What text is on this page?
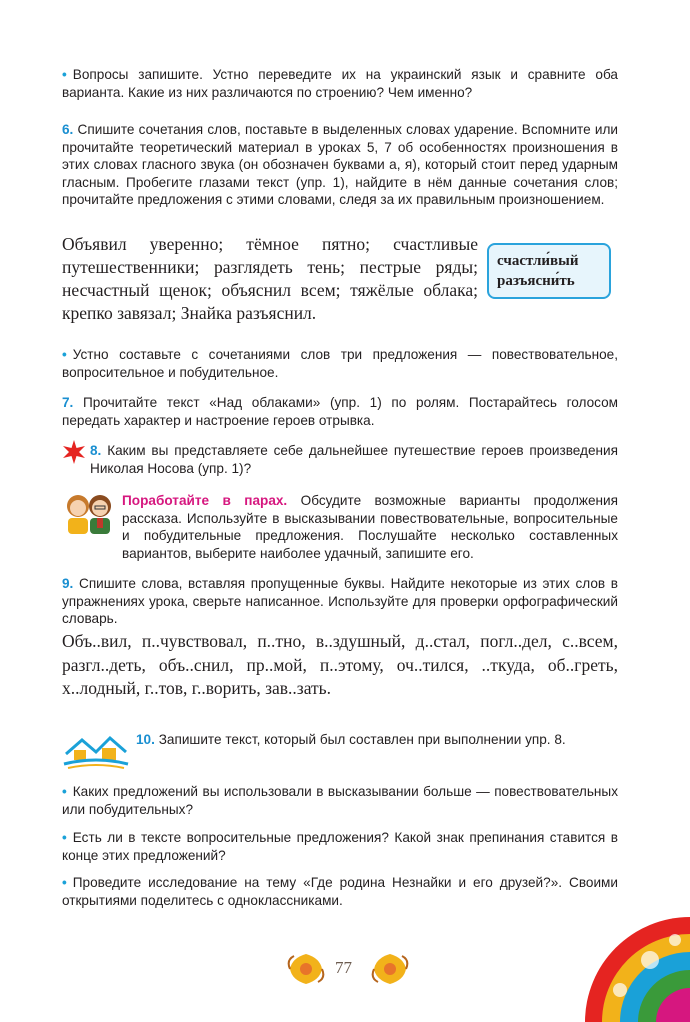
• Вопросы запишите. Устно переведите их на украинский язык и сравните оба варианта. Какие из них различаются по строению? Чем именно?
6. Спишите сочетания слов, поставьте в выделенных словах ударение. Вспомните или прочитайте теоретический материал в уроках 5, 7 об особенностях произношения в этих словах гласного звука (он обозначен буквами а, я), который стоит перед ударным гласным. Пробегите глазами текст (упр. 1), найдите в нём данные сочетания слов; прочитайте предложения с этими словами, следя за их правильным произношением.
Объявил уверенно; тёмное пятно; счастливые путешественники; разглядеть тень; пестрые ряды; несчастный щенок; объяснил всем; тяжёлые облака; крепко завязал; Знайка разъяснил.
счастли́вый
разъясни́ть
• Устно составьте с сочетаниями слов три предложения — повествовательное, вопросительное и побудительное.
7. Прочитайте текст «Над облаками» (упр. 1) по ролям. Постарайтесь голосом передать характер и настроение героев отрывка.
8. Каким вы представляете себе дальнейшее путешествие героев произведения Николая Носова (упр. 1)?
Поработайте в парах. Обсудите возможные варианты продолжения рассказа. Используйте в высказывании повествовательные, вопросительные и побудительные предложения. Послушайте несколько составленных вариантов, выберите наиболее удачный, запишите его.
9. Спишите слова, вставляя пропущенные буквы. Найдите некоторые из этих слов в упражнениях урока, сверьте написанное. Используйте для проверки орфографический словарь.
Объ..вил, п..чувствовал, п..тно, в..здушный, д..стал, погл..дел, с..всем, разгл..деть, объ..снил, пр..мой, п..этому, оч..тился, ..ткуда, об..греть, х..лодный, г..тов, г..ворить, зав..зать.
10. Запишите текст, который был составлен при выполнении упр. 8.
• Каких предложений вы использовали в высказывании больше — повествовательных или побудительных?
• Есть ли в тексте вопросительные предложения? Какой знак препинания ставится в конце этих предложений?
• Проведите исследование на тему «Где родина Незнайки и его друзей?». Своими открытиями поделитесь с одноклассниками.
77
